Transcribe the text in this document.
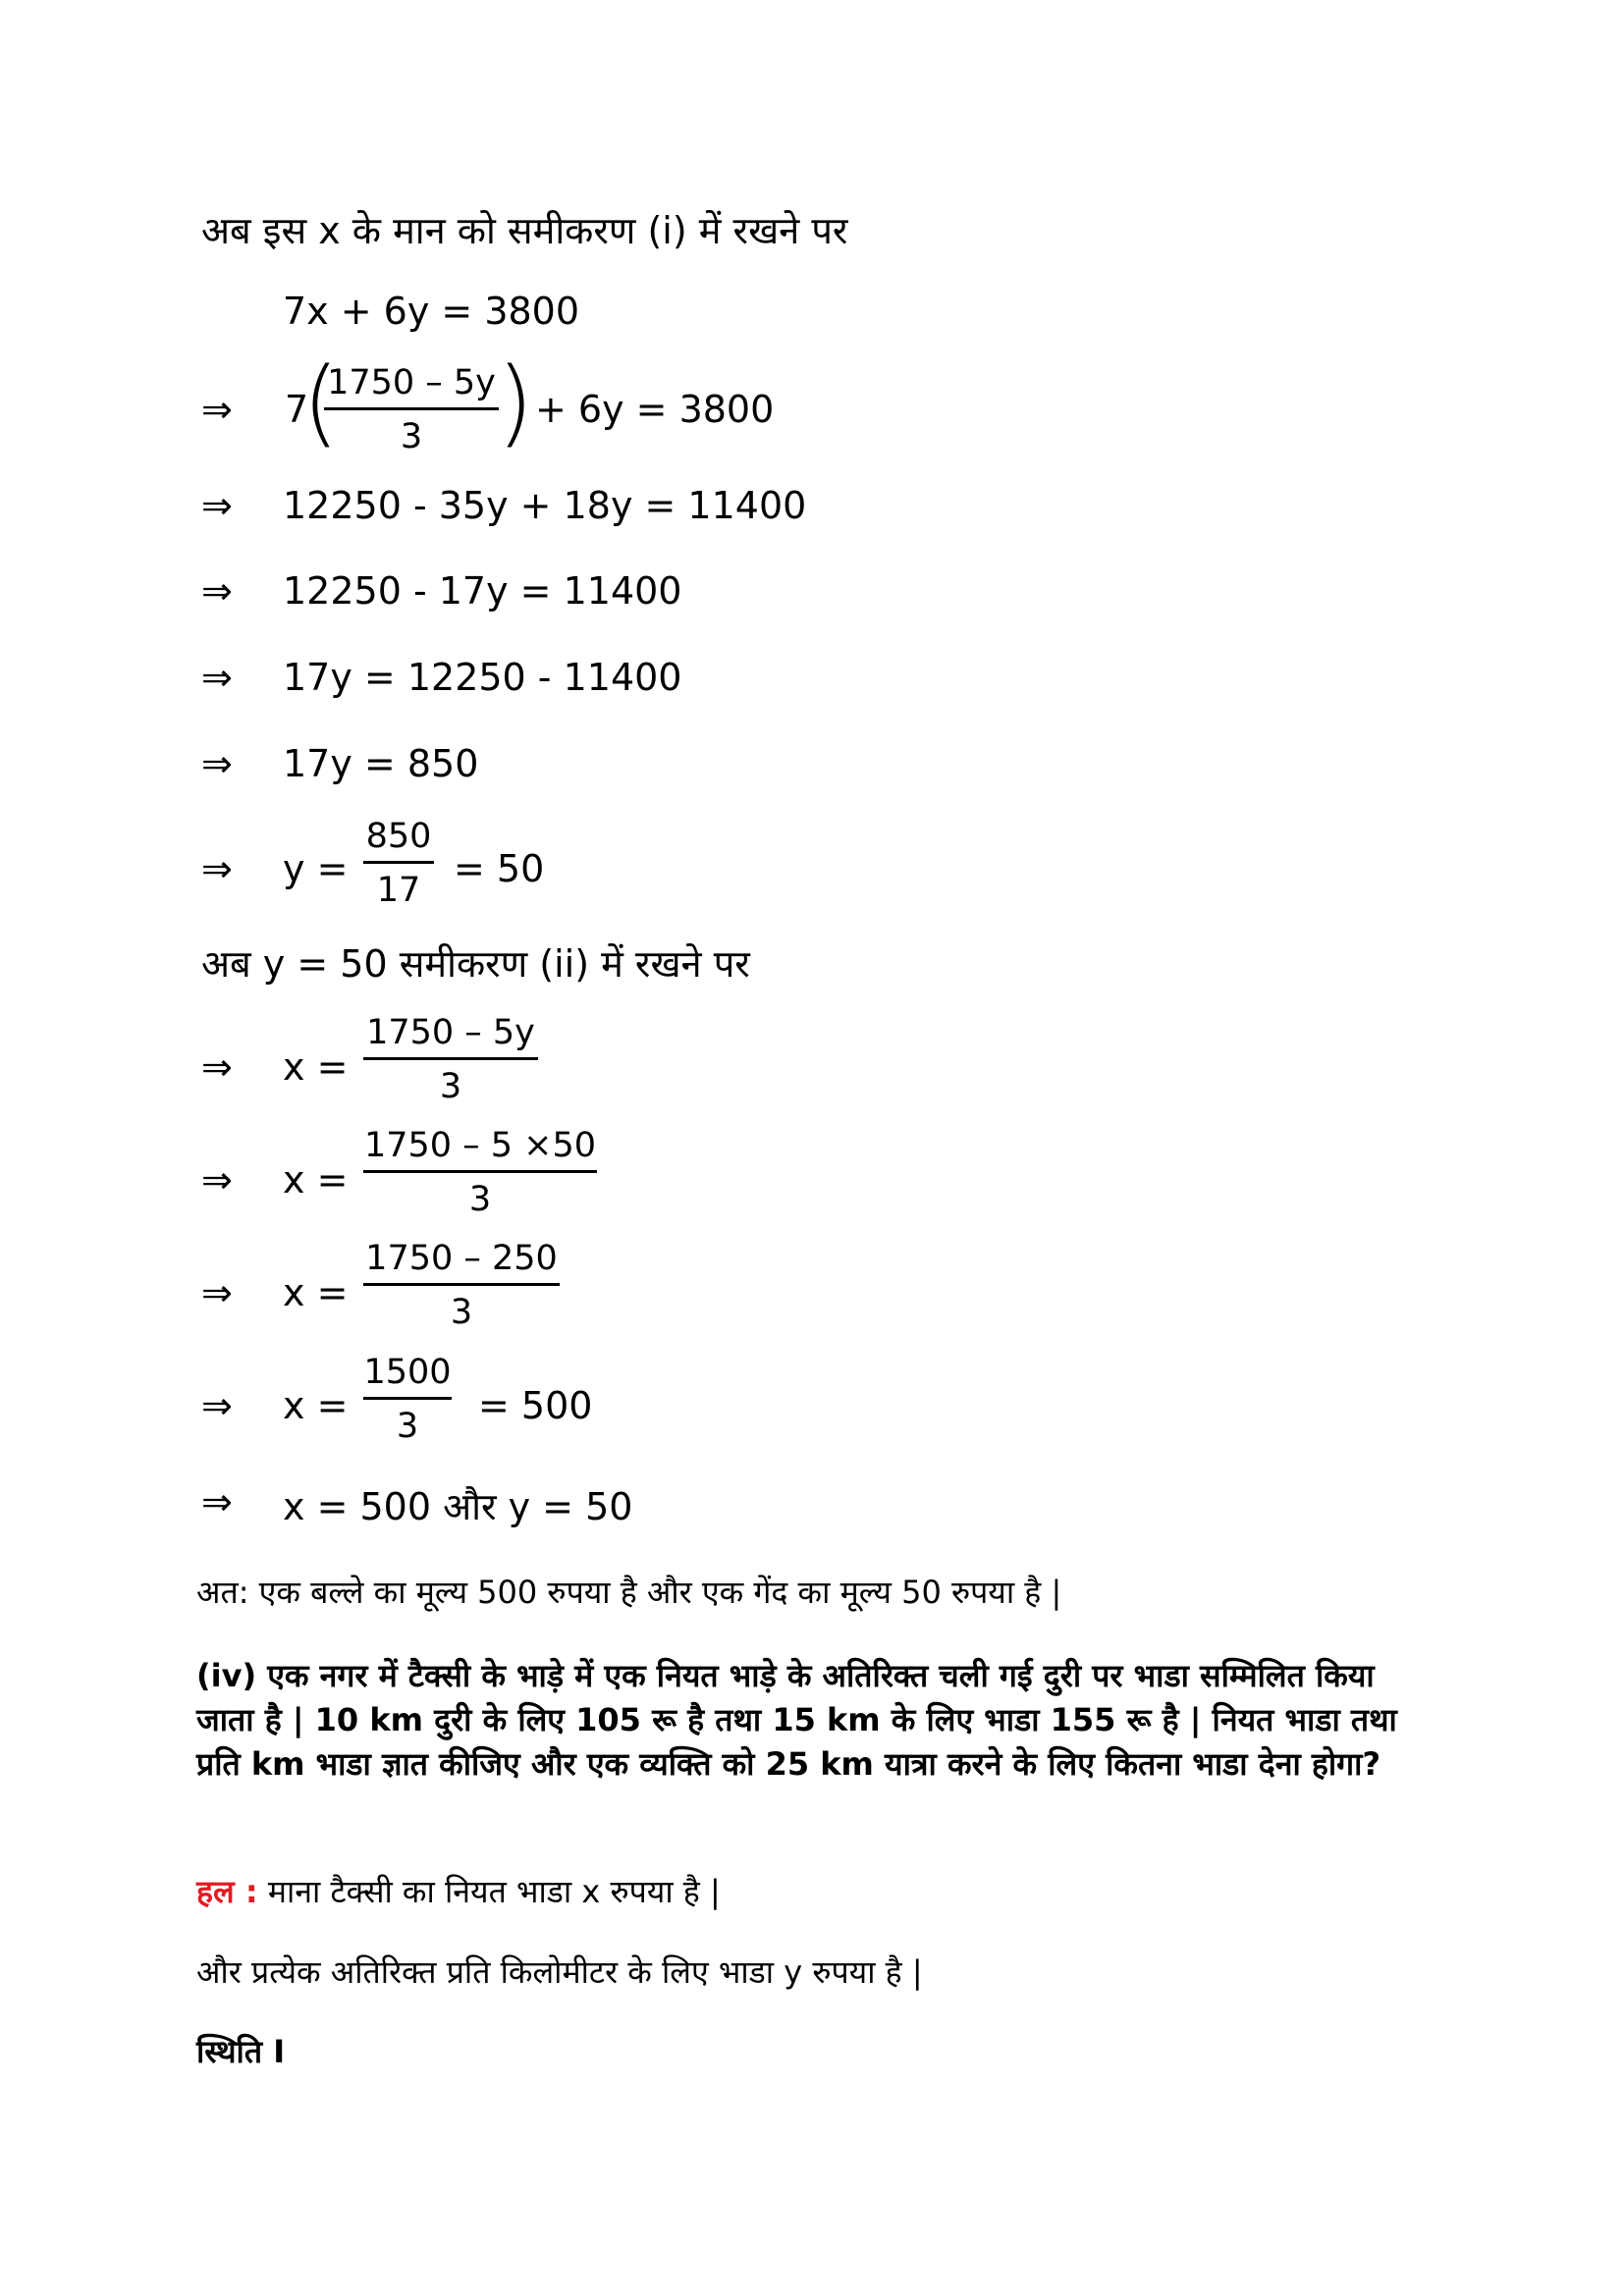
अब इस x के मान को समीकरण (i) में रखने पर
7x + 6y = 3800
⇒ 7
(
1750 – 5y
3 ) + 6y = 3800
⇒ 12250 - 35y + 18y = 11400
⇒ 12250 - 17y = 11400
⇒ 17y = 12250 - 11400
⇒ 17y = 850
⇒ y =
850
17 = 50
अब y = 50 समीकरण (ii) में रखने पर
⇒ x =
1750 – 5y
3
⇒ x =
1750 – 5 ×50
3
⇒ x =
1750 – 250
3
⇒ x =
1500
3	= 500
⇒ x = 500 और y = 50
अत: एक बल्ले का मूल्य 500 रुपया है और एक गेंद का मूल्य 50 रुपया है |
(iv) एक नगर में टैक्सी के भाड़े में एक नियत भाड़े के अतिरिक्त चली गई दुरी पर भाडा सम्मिलित किया जाता है | 10 km दुरी के लिए 105 रू है तथा 15 km के लिए भाडा 155 रू है | नियत भाडा तथा प्रति km भाडा ज्ञात कीजिए और एक व्यक्ति को 25 km यात्रा करने के लिए कितना भाडा देना होगा?
हल : माना टैक्सी का नियत भाडा x रुपया है |
और प्रत्येक अतिरिक्त प्रति किलोमीटर के लिए भाडा y रुपया है |
स्थिति I
